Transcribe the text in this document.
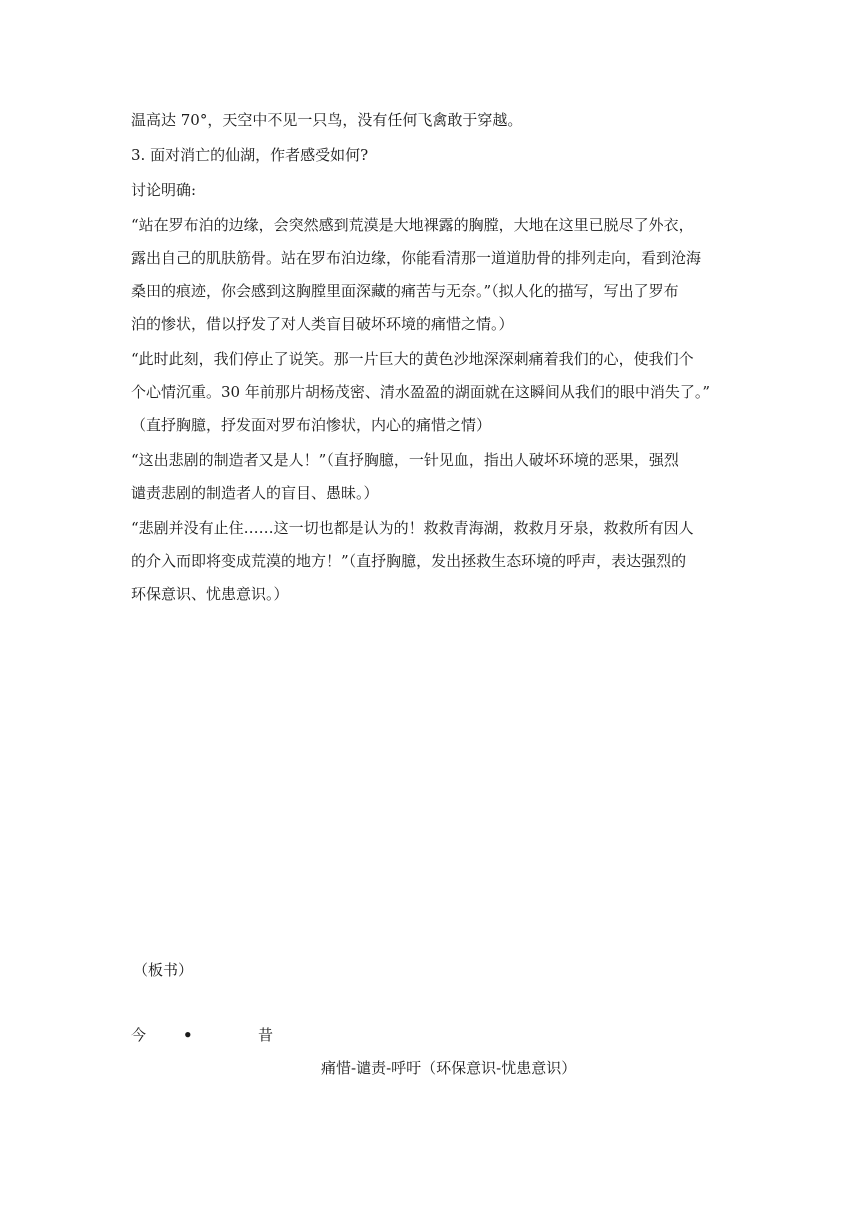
温高达 70°，天空中不见一只鸟，没有任何飞禽敢于穿越。
3. 面对消亡的仙湖，作者感受如何?
讨论明确:
“站在罗布泊的边缘，会突然感到荒漠是大地裸露的胸膛，大地在这里已脱尽了外衣，
露出自己的肌肤筋骨。站在罗布泊边缘，你能看清那一道道肋骨的排列走向，看到沧海
桑田的痕迹，你会感到这胸膛里面深藏的痛苦与无奈。”（拟人化的描写，写出了罗布
泊的惨状，借以抒发了对人类盲目破坏环境的痛惜之情。）
“此时此刻，我们停止了说笑。那一片巨大的黄色沙地深深刺痛着我们的心，使我们个
个心情沉重。30 年前那片胡杨茂密、清水盈盈的湖面就在这瞬间从我们的眼中消失了。”
（直抒胸臆，抒发面对罗布泊惨状，内心的痛惜之情）
“这出悲剧的制造者又是人！”（直抒胸臆，一针见血，指出人破坏环境的恶果，强烈
谴责悲剧的制造者人的盲目、愚昧。）
“悲剧并没有止住……这一切也都是认为的！救救青海湖，救救月牙泉，救救所有因人
的介入而即将变成荒漠的地方！”（直抒胸臆，发出拯救生态环境的呼声，表达强烈的
环保意识、忧患意识。）
（板书）
今 •	昔
痛惜-谴责-呼吁（环保意识-忧患意识）
